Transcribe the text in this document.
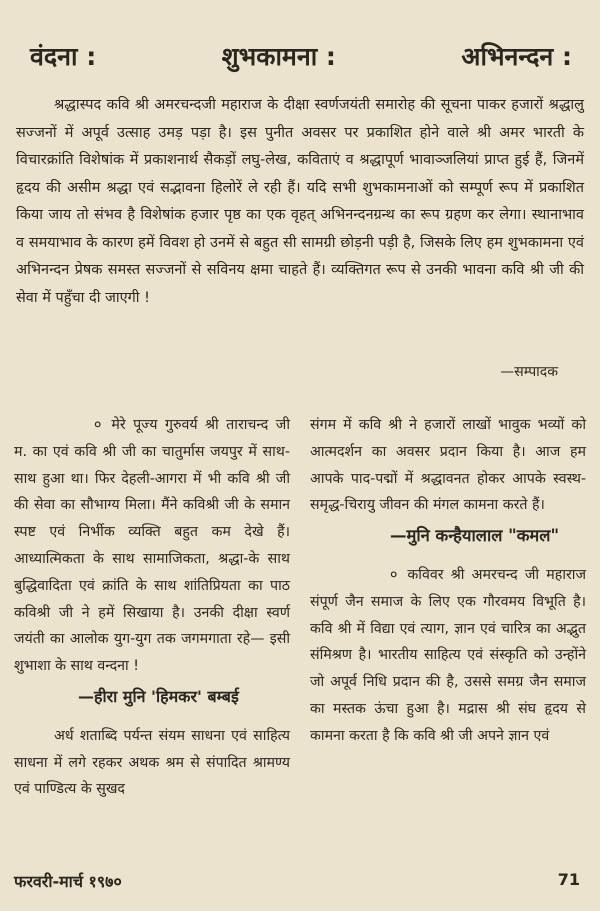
वंदना :	शुभकामना :	अभिनन्दन :

श्रद्धास्पद कवि श्री अमरचन्दजी महाराज के दीक्षा स्वर्णजयंती समारोह की सूचना पाकर हजारों श्रद्धालु सज्जनों में अपूर्व उत्साह उमड़ पड़ा है। इस पुनीत अवसर पर प्रकाशित होने वाले श्री अमर भारती के विचारक्रांति विशेषांक में प्रकाशनार्थ सैकड़ों लघु-लेख, कविताएं व श्रद्धापूर्ण भावाञ्जलियां प्राप्त हुई हैं, जिनमें हृदय की असीम श्रद्धा एवं सद्भावना हिलोरें ले रही हैं। यदि सभी शुभकामनाओं को सम्पूर्ण रूप में प्रकाशित किया जाय तो संभव है विशेषांक हजार पृष्ठ का एक वृहत् अभिनन्दनग्रन्थ का रूप ग्रहण कर लेगा। स्थानाभाव व समयाभाव के कारण हमें विवश हो उनमें से बहुत सी सामग्री छोड़नी पड़ी है, जिसके लिए हम शुभकामना एवं अभिनन्दन प्रेषक समस्त सज्जनों से सविनय क्षमा चाहते हैं। व्यक्तिगत रूप से उनकी भावना कवि श्री जी की सेवा में पहुँचा दी जाएगी !

—सम्पादक

० मेरे पूज्य गुरुवर्य श्री ताराचन्द जी म. का एवं कवि श्री जी का चातुर्मास जयपुर में साथ-साथ हुआ था। फिर देहली-आगरा में भी कवि श्री जी की सेवा का सौभाग्य मिला। मैंने कविश्री जी के समान स्पष्ट एवं निर्भीक व्यक्ति बहुत कम देखे हैं। आध्यात्मिकता के साथ सामाजिकता, श्रद्धा-के साथ बुद्धिवादिता एवं क्रांति के साथ शांतिप्रियता का पाठ कविश्री जी ने हमें सिखाया है। उनकी दीक्षा स्वर्ण जयंती का आलोक युग-युग तक जगमगाता रहे— इसी शुभाशा के साथ वन्दना !

—हीरा मुनि 'हिमकर' बम्बई

अर्ध शताब्दि पर्यन्त संयम साधना एवं साहित्य साधना में लगे रहकर अथक श्रम से संपादित श्रामण्य एवं पाण्डित्य के सुखद

संगम में कवि श्री ने हजारों लाखों भावुक भव्यों को आत्मदर्शन का अवसर प्रदान किया है। आज हम आपके पाद-पद्मों में श्रद्धावनत होकर आपके स्वस्थ-समृद्ध-चिरायु जीवन की मंगल कामना करते हैं।

—मुनि कन्हैयालाल "कमल"

० कविवर श्री अमरचन्द जी महाराज संपूर्ण जैन समाज के लिए एक गौरवमय विभूति है। कवि श्री में विद्या एवं त्याग, ज्ञान एवं चारित्र का अद्भुत संमिश्रण है। भारतीय साहित्य एवं संस्कृति को उन्होंने जो अपूर्व निधि प्रदान की है, उससे समग्र जैन समाज का मस्तक ऊंचा हुआ है। मद्रास श्री संघ हृदय से कामना करता है कि कवि श्री जी अपने ज्ञान एवं

फरवरी-मार्च १९७०	71
